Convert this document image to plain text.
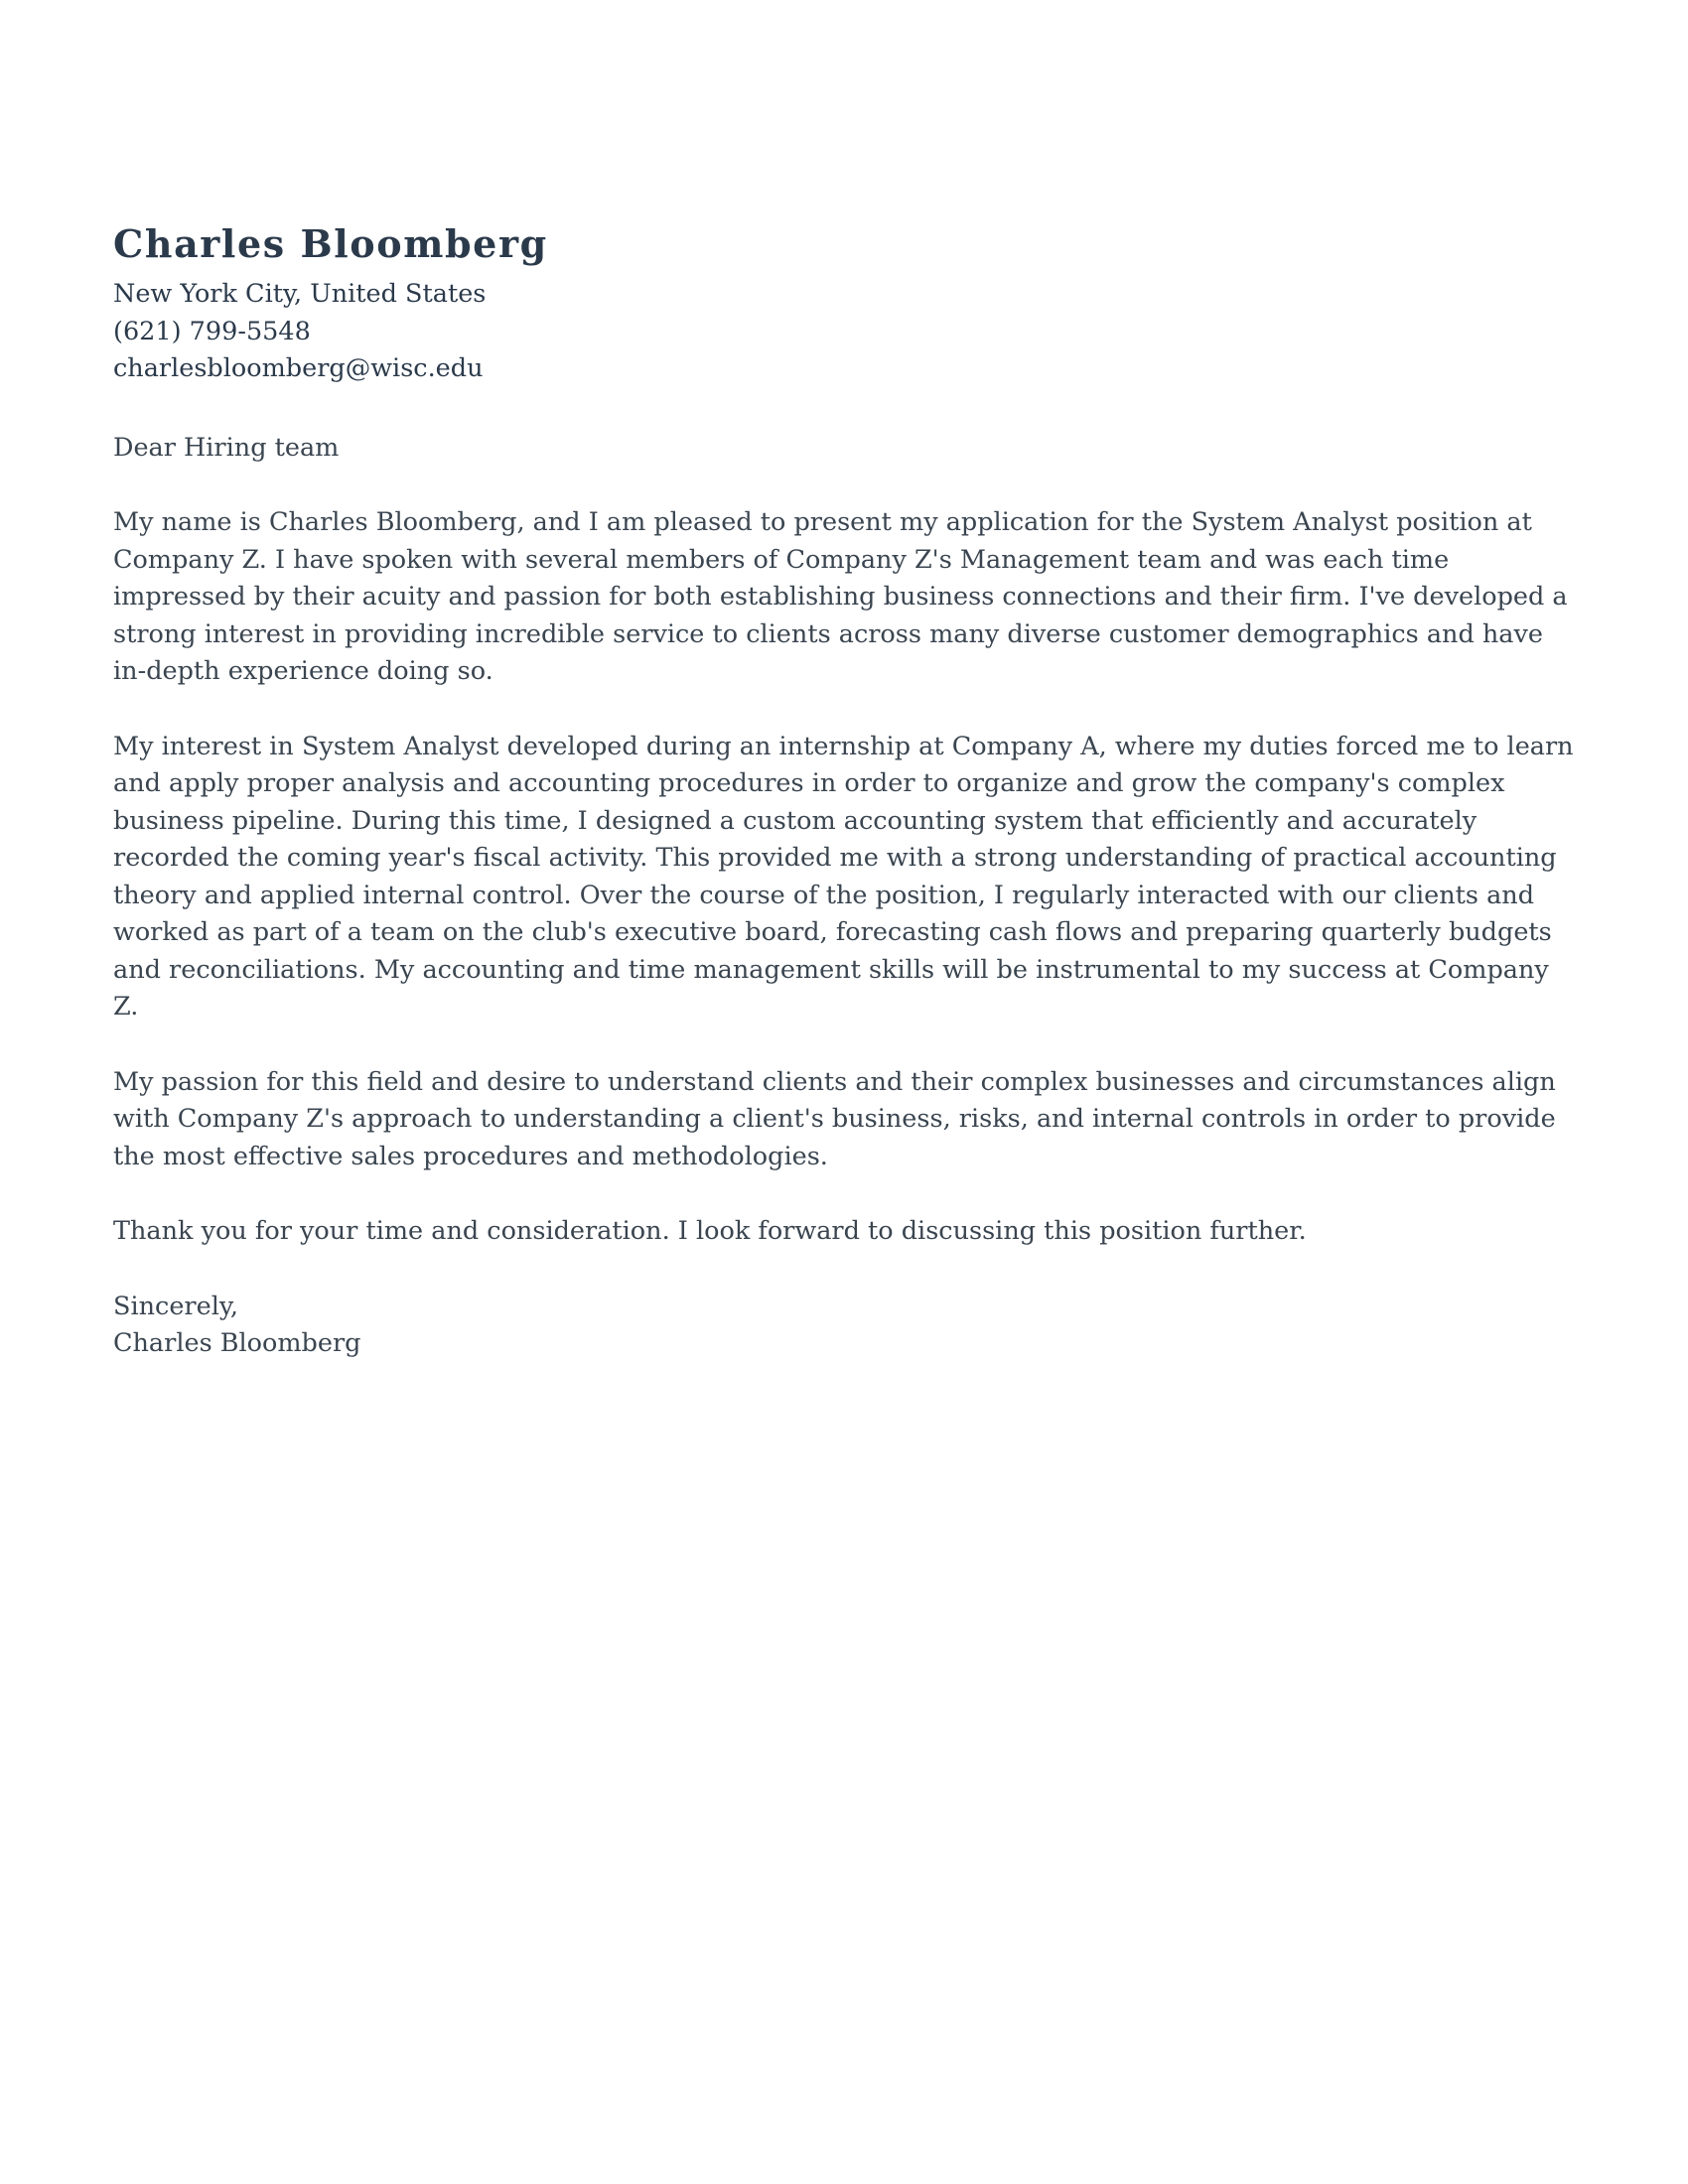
Charles Bloomberg
New York City, United States
(621) 799-5548
charlesbloomberg@wisc.edu
Dear Hiring team
My name is Charles Bloomberg, and I am pleased to present my application for the System Analyst position at Company Z. I have spoken with several members of Company Z's Management team and was each time impressed by their acuity and passion for both establishing business connections and their firm. I've developed a strong interest in providing incredible service to clients across many diverse customer demographics and have in-depth experience doing so.
My interest in System Analyst developed during an internship at Company A, where my duties forced me to learn and apply proper analysis and accounting procedures in order to organize and grow the company's complex business pipeline. During this time, I designed a custom accounting system that efficiently and accurately recorded the coming year's fiscal activity. This provided me with a strong understanding of practical accounting theory and applied internal control. Over the course of the position, I regularly interacted with our clients and worked as part of a team on the club's executive board, forecasting cash flows and preparing quarterly budgets and reconciliations. My accounting and time management skills will be instrumental to my success at Company Z.
My passion for this field and desire to understand clients and their complex businesses and circumstances align with Company Z's approach to understanding a client's business, risks, and internal controls in order to provide the most effective sales procedures and methodologies.
Thank you for your time and consideration. I look forward to discussing this position further.
Sincerely,
Charles Bloomberg
